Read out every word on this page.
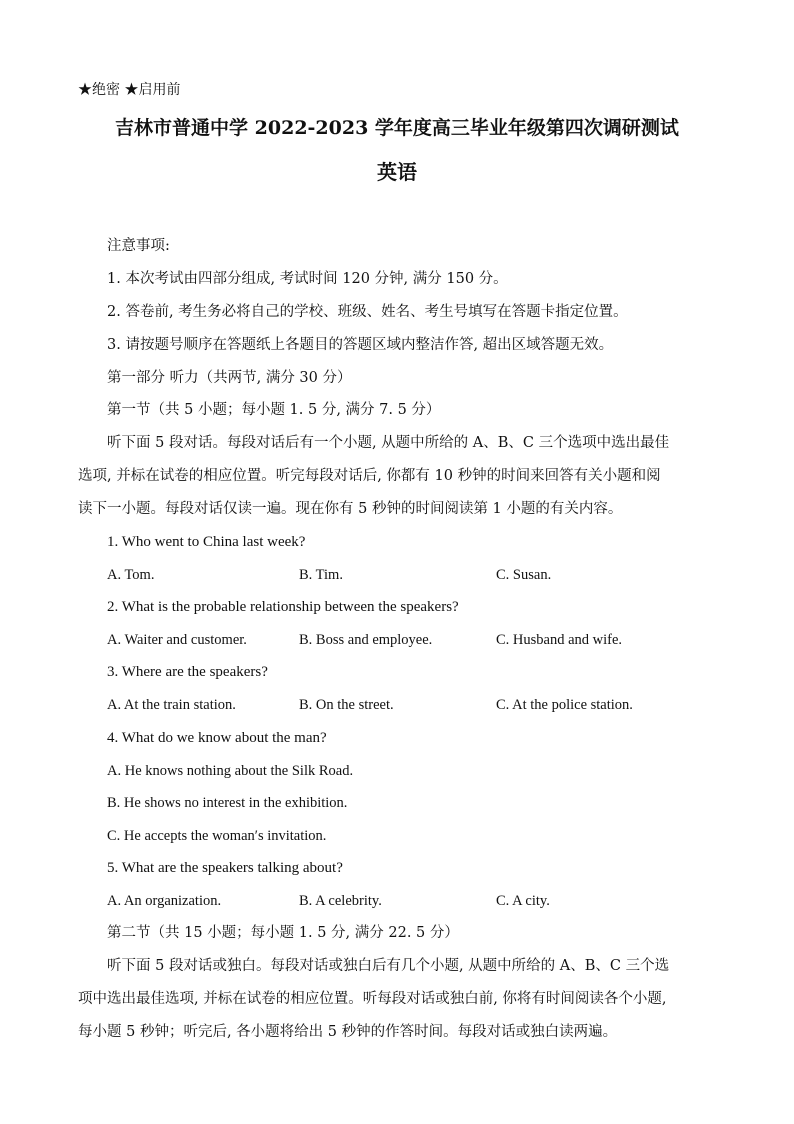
★绝密 ★启用前
吉林市普通中学 2022-2023 学年度高三毕业年级第四次调研测试
英语
注意事项:
1. 本次考试由四部分组成, 考试时间 120 分钟, 满分 150 分。
2. 答卷前, 考生务必将自己的学校、班级、姓名、考生号填写在答题卡指定位置。
3. 请按题号顺序在答题纸上各题目的答题区域内整洁作答, 超出区域答题无效。
第一部分 听力（共两节, 满分 30 分）
第一节（共 5 小题；每小题 1. 5 分, 满分 7. 5 分）
听下面 5 段对话。每段对话后有一个小题, 从题中所给的 A、B、C 三个选项中选出最佳
选项, 并标在试卷的相应位置。听完每段对话后, 你都有 10 秒钟的时间来回答有关小题和阅
读下一小题。每段对话仅读一遍。现在你有 5 秒钟的时间阅读第 1 小题的有关内容。
1. Who went to China last week?
A. Tom.	B. Tim.	C. Susan.
2. What is the probable relationship between the speakers?
A. Waiter and customer.	B. Boss and employee.	C. Husband and wife.
3. Where are the speakers?
A. At the train station.	B. On the street.	C. At the police station.
4. What do we know about the man?
A. He knows nothing about the Silk Road.
B. He shows no interest in the exhibition.
C. He accepts the woman′s invitation.
5. What are the speakers talking about?
A. An organization.	B. A celebrity.	C. A city.
第二节（共 15 小题；每小题 1. 5 分, 满分 22. 5 分）
听下面 5 段对话或独白。每段对话或独白后有几个小题, 从题中所给的 A、B、C 三个选
项中选出最佳选项, 并标在试卷的相应位置。听每段对话或独白前, 你将有时间阅读各个小题,
每小题 5 秒钟；听完后, 各小题将给出 5 秒钟的作答时间。每段对话或独白读两遍。
